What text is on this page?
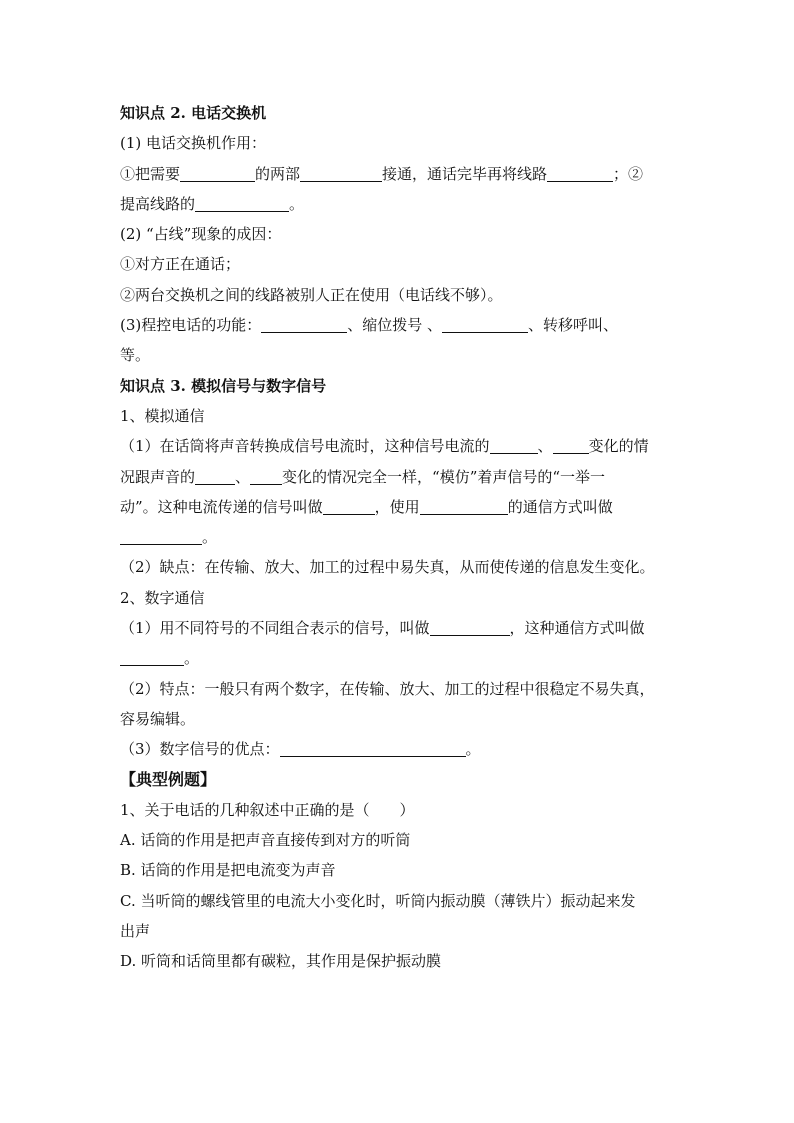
知识点 2. 电话交换机
(1) 电话交换机作用：
①把需要	的两部	接通，通话完毕再将线路	；②
提高线路的	。
(2) “占线”现象的成因：
①对方正在通话；
②两台交换机之间的线路被别人正在使用（电话线不够）。
(3)程控电话的功能：	、缩位拨号 、	、转移呼叫、
等。
知识点 3. 模拟信号与数字信号
1、模拟通信
（1）在话筒将声音转换成信号电流时，这种信号电流的	、 变化的情
况跟声音的	、 变化的情况完全一样，“模仿”着声信号的“一举一
动”。这种电流传递的信号叫做	，使用	的通信方式叫做
。
（2）缺点：在传输、放大、加工的过程中易失真，从而使传递的信息发生变化。
2、数字通信
（1）用不同符号的不同组合表示的信号，叫做	，这种通信方式叫做
。
（2）特点：一般只有两个数字，在传输、放大、加工的过程中很稳定不易失真，
容易编辑。
（3）数字信号的优点：	。
【典型例题】
1、关于电话的几种叙述中正确的是（　　）
A. 话筒的作用是把声音直接传到对方的听筒
B. 话筒的作用是把电流变为声音
C. 当听筒的螺线管里的电流大小变化时，听筒内振动膜（薄铁片）振动起来发
出声
D. 听筒和话筒里都有碳粒，其作用是保护振动膜
